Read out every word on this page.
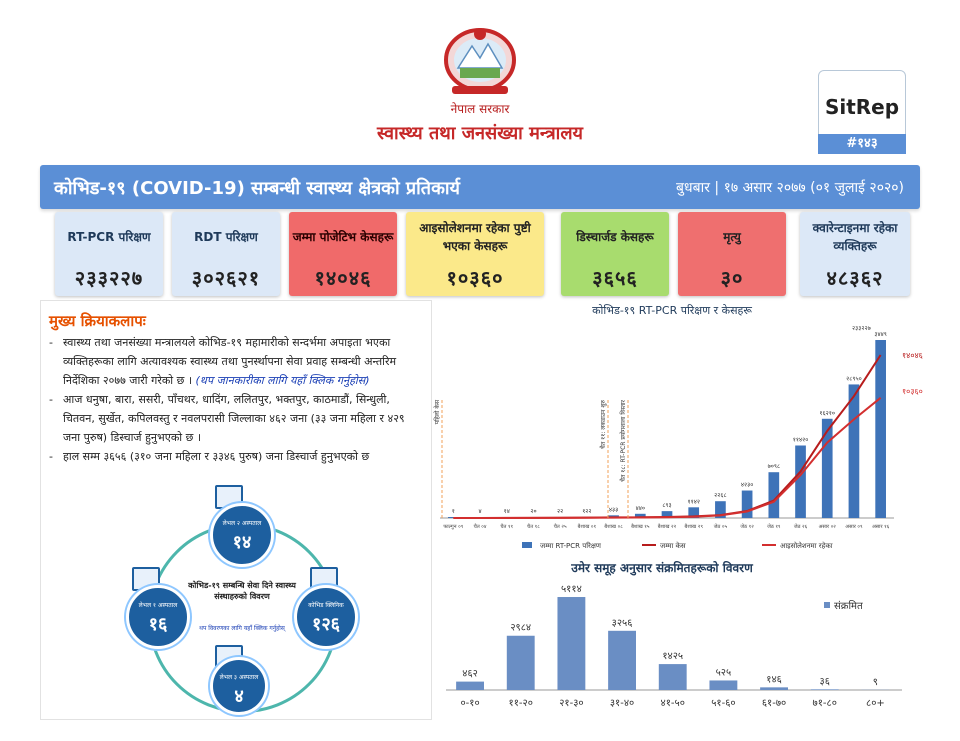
नेपाल सरकार
स्वास्थ्य तथा जनसंख्या मन्त्रालय
SitRep
#१४३
कोभिड-१९ (COVID-19) सम्बन्धी स्वास्थ्य क्षेत्रको प्रतिकार्य	बुधबार | १७ असार २०७७ (०१ जुलाई २०२०)
RT-PCR परिक्षण
२३३२२७
RDT परिक्षण
३०२६२१
जम्मा पोजेटिभ केसहरू
१४०४६
आइसोलेशनमा रहेका पुष्टी भएका केसहरू
१०३६०
डिस्चार्जड केसहरू
३६५६
मृत्यु
३०
क्वारेन्टाइनमा रहेका व्यक्तिहरू
४८३६२
मुख्य क्रियाकलापः
- स्वास्थ्य तथा जनसंख्या मन्त्रालयले कोभिड-१९ महामारीको सन्दर्भमा अपाइता भएका व्यक्तिहरूका लागि अत्यावश्यक स्वास्थ्य तथा पुनर्स्थापना सेवा प्रवाह सम्बन्धी अन्तरिम निर्देशिका २०७७ जारी गरेको छ । (थप जानकारीका लागि यहाँ क्लिक गर्नुहोस)
- आज धनुषा, बारा, ससरी, पाँचथर, धादिंग, ललितपुर, भक्तपुर, काठमाडौं, सिन्धुली, चितवन, सुर्खेत, कपिलवस्तु र नवलपरासी जिल्लाका ४६२ जना (३३ जना महिला र ४२९ जना पुरुष) डिस्चार्ज हुनुभएको छ ।
- हाल सम्म ३६५६ (३१० जना महिला र ३३४६ पुरुष) जना डिस्चार्ज हुनुभएको छ
लेभल २ अस्पताल
१४
कोभिड क्लिनिक
१२६
लेभल ३ अस्पताल
४
लेभल १ अस्पताल
१६
कोभिड-१९ सम्बन्धि सेवा दिने स्वास्थ्य संस्थाहरुको विवरण
थप विवरणका लागि यहाँ क्लिक गर्नुहोस्
कोभिड-१९ RT-PCR परिक्षण र केसहरू
१
फाल्गुन ०९
४
चैत ०४
१४
चैत ११
२०
चैत १८
२२
चैत २५
१२२
बैशाख ०१
४३३
बैशाख ०८
४४०
बैशाख १५
८९३
बैशाख २२
११४२
बैशाख २९
२२६८
जेठ ०५
४२३०
जेठ १२
७०९८
जेठ १९
११४२०
जेठ २६
१६२१०
असार ०२
२८९५०
असार ०९
३४४९
असार १६
१४०४६
१०३६०
२३३२२७
पहिलो केस	चैत ११: लकडाउन शुरु चैत १८: RT-PCR प्रयोगशाला विस्तार
जम्मा RT-PCR परिक्षण	जम्मा केस	आइसोलेशनमा रहेका
उमेर समूह अनुसार संक्रमितहरूको विवरण
४६२
०-१०
२९८४
११-२०
५११४
२१-३०
३२५६
३१-४०
१४२५
४१-५०
५२५
५१-६०
१४६
६१-७०
३६
७१-८०
९
८०+
संक्रमित
